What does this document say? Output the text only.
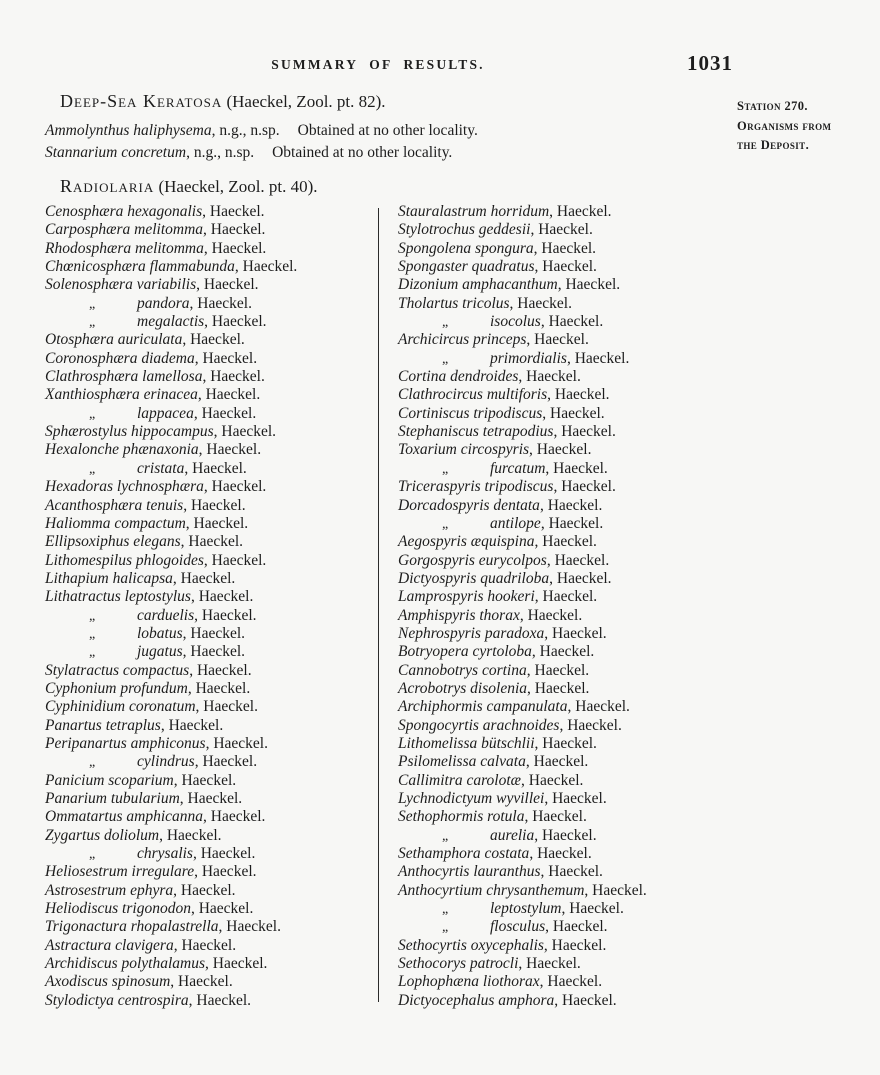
SUMMARY OF RESULTS.	1031
Deep-Sea Keratosa (Haeckel, Zool. pt. 82).
Ammolynthus haliphysema, n.g., n.sp. Obtained at no other locality.
Stannarium concretum, n.g., n.sp. Obtained at no other locality.
Station 270.
Organisms from
the Deposit.
Radiolaria (Haeckel, Zool. pt. 40).
Cenosphæra hexagonalis, Haeckel.
Carposphæra melitomma, Haeckel.
Rhodosphæra melitomma, Haeckel.
Chœnicosphæra flammabunda, Haeckel.
Solenosphæra variabilis, Haeckel.
„	pandora, Haeckel.
„	megalactis, Haeckel.
Otosphæra auriculata, Haeckel.
Coronosphæra diadema, Haeckel.
Clathrosphæra lamellosa, Haeckel.
Xanthiosphæra erinacea, Haeckel.
„	lappacea, Haeckel.
Sphærostylus hippocampus, Haeckel.
Hexalonche phænaxonia, Haeckel.
„	cristata, Haeckel.
Hexadoras lychnosphæra, Haeckel.
Acanthosphæra tenuis, Haeckel.
Haliomma compactum, Haeckel.
Ellipsoxiphus elegans, Haeckel.
Lithomespilus phlogoides, Haeckel.
Lithapium halicapsa, Haeckel.
Lithatractus leptostylus, Haeckel.
„	carduelis, Haeckel.
„	lobatus, Haeckel.
„	jugatus, Haeckel.
Stylatractus compactus, Haeckel.
Cyphonium profundum, Haeckel.
Cyphinidium coronatum, Haeckel.
Panartus tetraplus, Haeckel.
Peripanartus amphiconus, Haeckel.
„	cylindrus, Haeckel.
Panicium scoparium, Haeckel.
Panarium tubularium, Haeckel.
Ommatartus amphicanna, Haeckel.
Zygartus doliolum, Haeckel.
„	chrysalis, Haeckel.
Heliosestrum irregulare, Haeckel.
Astrosestrum ephyra, Haeckel.
Heliodiscus trigonodon, Haeckel.
Trigonactura rhopalastrella, Haeckel.
Astractura clavigera, Haeckel.
Archidiscus polythalamus, Haeckel.
Axodiscus spinosum, Haeckel.
Stylodictya centrospira, Haeckel.
Stauralastrum horridum, Haeckel.
Stylotrochus geddesii, Haeckel.
Spongolena spongura, Haeckel.
Spongaster quadratus, Haeckel.
Dizonium amphacanthum, Haeckel.
Tholartus tricolus, Haeckel.
„	isocolus, Haeckel.
Archicircus princeps, Haeckel.
„	primordialis, Haeckel.
Cortina dendroides, Haeckel.
Clathrocircus multiforis, Haeckel.
Cortiniscus tripodiscus, Haeckel.
Stephaniscus tetrapodius, Haeckel.
Toxarium circospyris, Haeckel.
„	furcatum, Haeckel.
Triceraspyris tripodiscus, Haeckel.
Dorcadospyris dentata, Haeckel.
„	antilope, Haeckel.
Aegospyris æquispina, Haeckel.
Gorgospyris eurycolpos, Haeckel.
Dictyospyris quadriloba, Haeckel.
Lamprospyris hookeri, Haeckel.
Amphispyris thorax, Haeckel.
Nephrospyris paradoxa, Haeckel.
Botryopera cyrtoloba, Haeckel.
Cannobotrys cortina, Haeckel.
Acrobotrys disolenia, Haeckel.
Archiphormis campanulata, Haeckel.
Spongocyrtis arachnoides, Haeckel.
Lithomelissa bütschlii, Haeckel.
Psilomelissa calvata, Haeckel.
Callimitra carolotæ, Haeckel.
Lychnodictyum wyvillei, Haeckel.
Sethophormis rotula, Haeckel.
„	aurelia, Haeckel.
Sethamphora costata, Haeckel.
Anthocyrtis lauranthus, Haeckel.
Anthocyrtium chrysanthemum, Haeckel.
„	leptostylum, Haeckel.
„	flosculus, Haeckel.
Sethocyrtis oxycephalis, Haeckel.
Sethocorys patrocli, Haeckel.
Lophophæna liothorax, Haeckel.
Dictyocephalus amphora, Haeckel.
